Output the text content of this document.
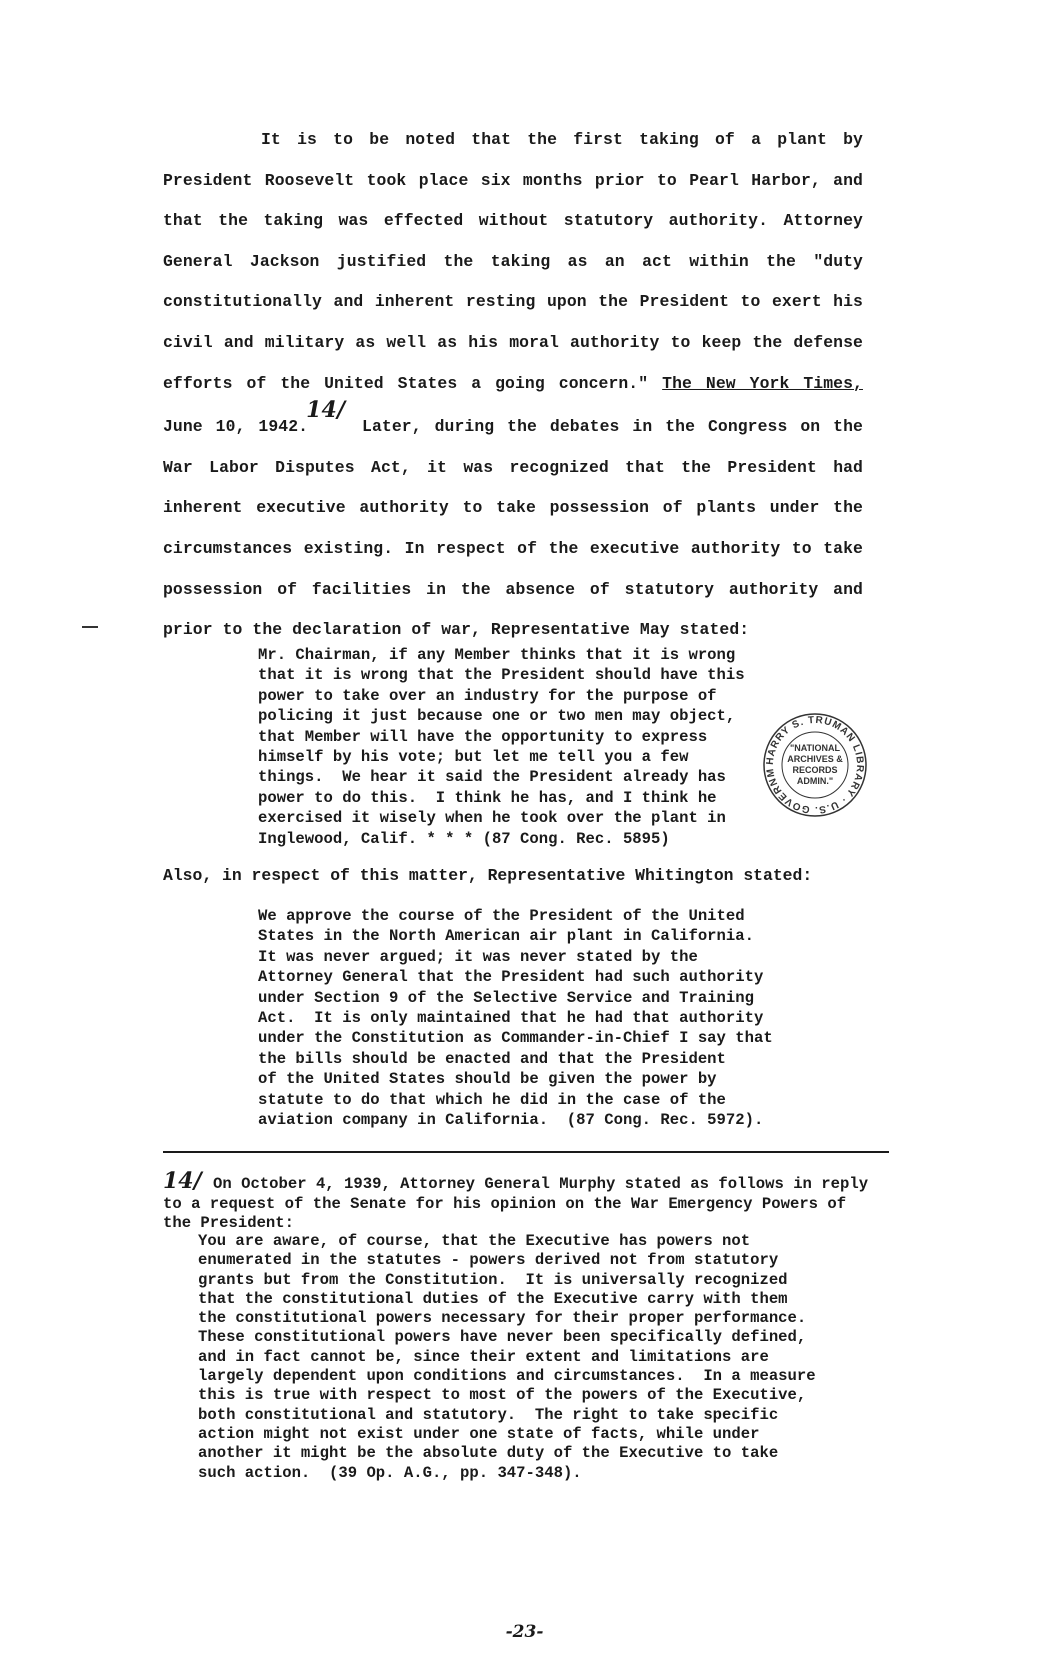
It is to be noted that the first taking of a plant by President Roosevelt took place six months prior to Pearl Harbor, and that the taking was effected without statutory authority. Attorney General Jackson justified the taking as an act within the "duty constitutionally and inherent resting upon the President to exert his civil and military as well as his moral authority to keep the defense efforts of the United States a going concern." The New York Times, June 10, 1942.14/ Later, during the debates in the Congress on the War Labor Disputes Act, it was recognized that the President had inherent executive authority to take possession of plants under the circumstances existing. In respect of the executive authority to take possession of facilities in the absence of statutory authority and prior to the declaration of war, Representative May stated:

Mr. Chairman, if any Member thinks that it is wrong
that it is wrong that the President should have this
power to take over an industry for the purpose of
policing it just because one or two men may object,
that Member will have the opportunity to express
himself by his vote; but let me tell you a few
things.  We hear it said the President already has
power to do this.  I think he has, and I think he
exercised it wisely when he took over the plant in
Inglewood, Calif. * * * (87 Cong. Rec. 5895)
HARRY S. TRUMAN LIBRARY · U.S. GOVERNM
"NATIONAL
ARCHIVES &
RECORDS
ADMIN."
Also, in respect of this matter, Representative Whitington stated:
We approve the course of the President of the United
States in the North American air plant in California.
It was never argued; it was never stated by the
Attorney General that the President had such authority
under Section 9 of the Selective Service and Training
Act.  It is only maintained that he had that authority
under the Constitution as Commander-in-Chief I say that
the bills should be enacted and that the President
of the United States should be given the power by
statute to do that which he did in the case of the
aviation company in California.  (87 Cong. Rec. 5972).
14/ On October 4, 1939, Attorney General Murphy stated as follows in reply
to a request of the Senate for his opinion on the War Emergency Powers of
the President:
You are aware, of course, that the Executive has powers not
enumerated in the statutes - powers derived not from statutory
grants but from the Constitution.  It is universally recognized
that the constitutional duties of the Executive carry with them
the constitutional powers necessary for their proper performance.
These constitutional powers have never been specifically defined,
and in fact cannot be, since their extent and limitations are
largely dependent upon conditions and circumstances.  In a measure
this is true with respect to most of the powers of the Executive,
both constitutional and statutory.  The right to take specific
action might not exist under one state of facts, while under
another it might be the absolute duty of the Executive to take
such action.  (39 Op. A.G., pp. 347-348).
-23-
